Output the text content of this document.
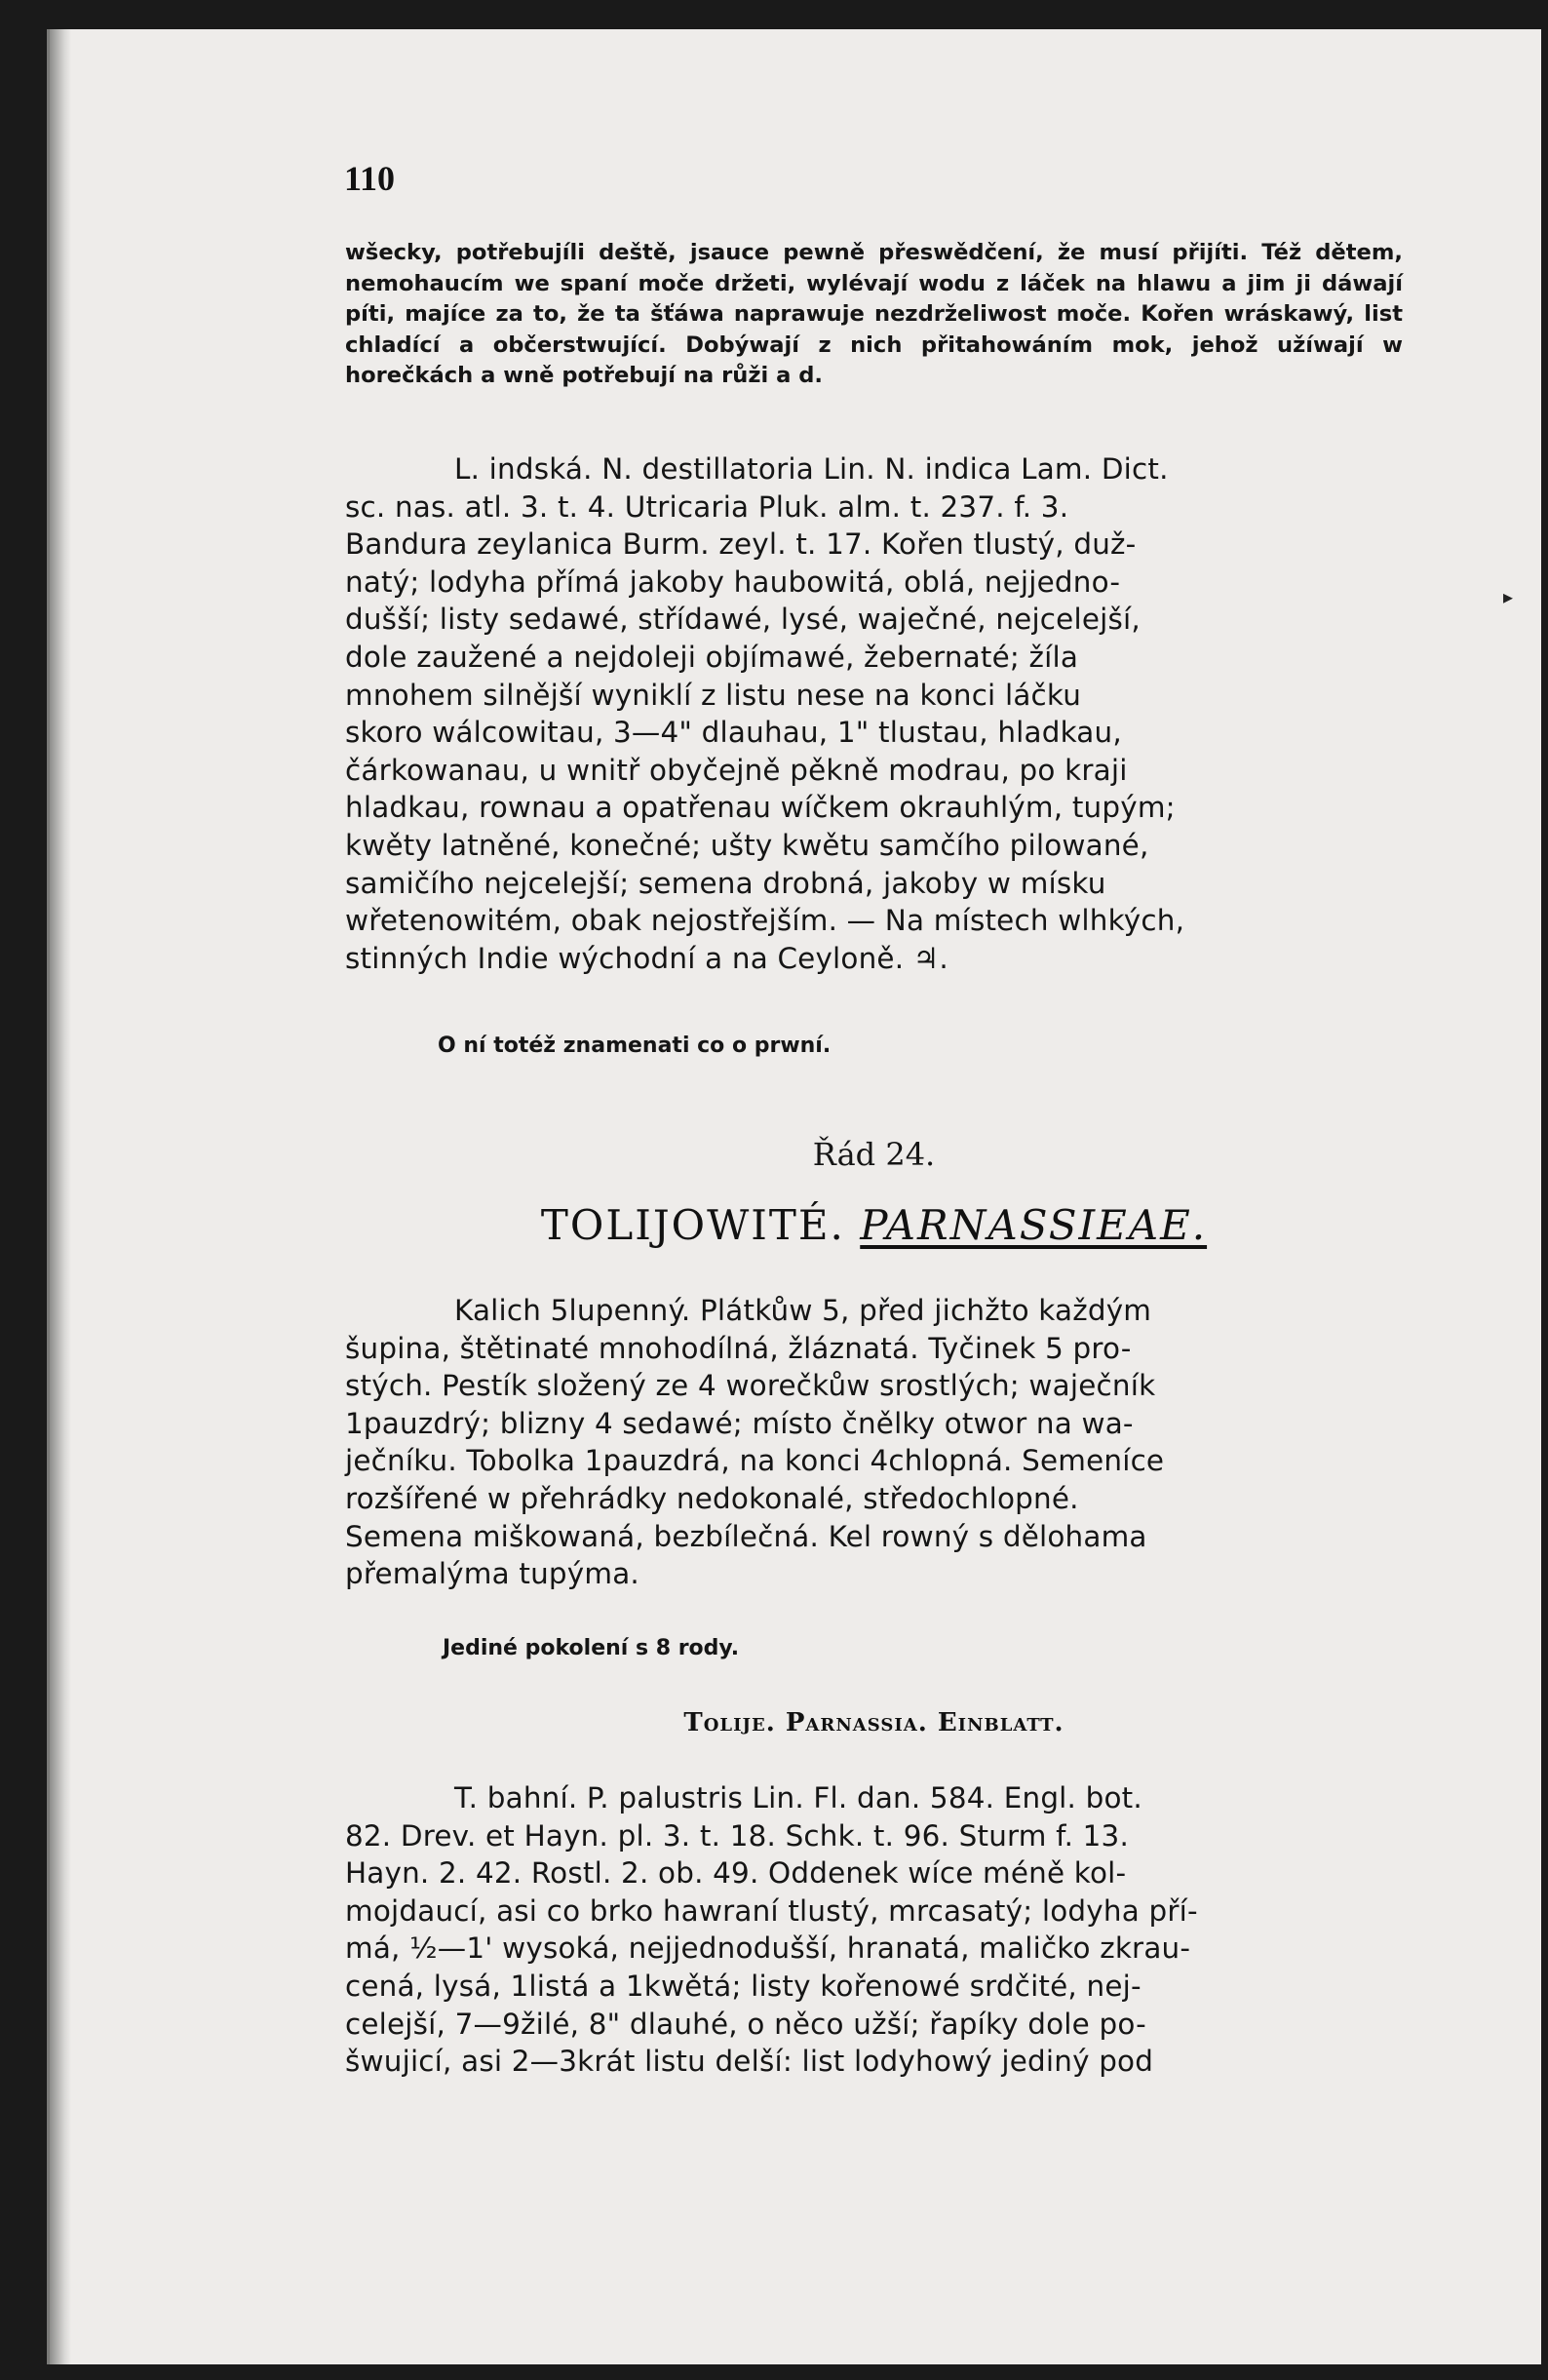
110
wšecky, potřebujíli deště, jsauce pewně přeswědčení, že musí přijíti. Též dětem, nemohaucím we spaní moče držeti, wylévají wodu z láček na hlawu a jim ji dáwají píti, majíce za to, že ta šťáwa naprawuje nezdrželiwost moče. Kořen wráskawý, list chladící a občerstwující. Dobýwají z nich přitahowáním mok, jehož užíwají w horečkách a wně potřebují na růži a d.
L. indská. N. destillatoria Lin. N. indica Lam. Dict.
sc. nas. atl. 3. t. 4. Utricaria Pluk. alm. t. 237. f. 3.
Bandura zeylanica Burm. zeyl. t. 17. Kořen tlustý, duž-
natý; lodyha přímá jakoby haubowitá, oblá, nejjedno-
dušší; listy sedawé, střídawé, lysé, waječné, nejcelejší,
dole zaužené a nejdoleji objímawé, žebernaté; žíla
mnohem silnější wyniklí z listu nese na konci láčku
skoro wálcowitau, 3—4" dlauhau, 1" tlustau, hladkau,
čárkowanau, u wnitř obyčejně pěkně modrau, po kraji
hladkau, rownau a opatřenau wíčkem okrauhlým, tupým;
kwěty latněné, konečné; ušty kwětu samčího pilowané,
samičího nejcelejší; semena drobná, jakoby w mísku
wřetenowitém, obak nejostřejším. — Na místech wlhkých,
stinných Indie wýchodní a na Ceyloně. ♃.
O ní totéž znamenati co o prwní.
Řád 24.
TOLIJOWITÉ. PARNASSIEAE.
Kalich 5lupenný. Plátkůw 5, před jichžto každým
šupina, štětinaté mnohodílná, žláznatá. Tyčinek 5 pro-
stých. Pestík složený ze 4 worečkůw srostlých; waječník
1pauzdrý; blizny 4 sedawé; místo čnělky otwor na wa-
ječníku. Tobolka 1pauzdrá, na konci 4chlopná. Semeníce
rozšířené w přehrádky nedokonalé, středochlopné.
Semena miškowaná, bezbílečná. Kel rowný s dělohama
přemalýma tupýma.
Jediné pokolení s 8 rody.
Tolije. Parnassia. Einblatt.
T. bahní. P. palustris Lin. Fl. dan. 584. Engl. bot.
82. Drev. et Hayn. pl. 3. t. 18. Schk. t. 96. Sturm f. 13.
Hayn. 2. 42. Rostl. 2. ob. 49. Oddenek wíce méně kol-
mojdaucí, asi co brko hawraní tlustý, mrcasatý; lodyha pří-
má, ½—1' wysoká, nejjednodušší, hranatá, maličko zkrau-
cená, lysá, 1listá a 1kwětá; listy kořenowé srdčité, nej-
celejší, 7—9žilé, 8" dlauhé, o něco užší; řapíky dole po-
šwujicí, asi 2—3krát listu delší: list lodyhowý jediný pod
▸
